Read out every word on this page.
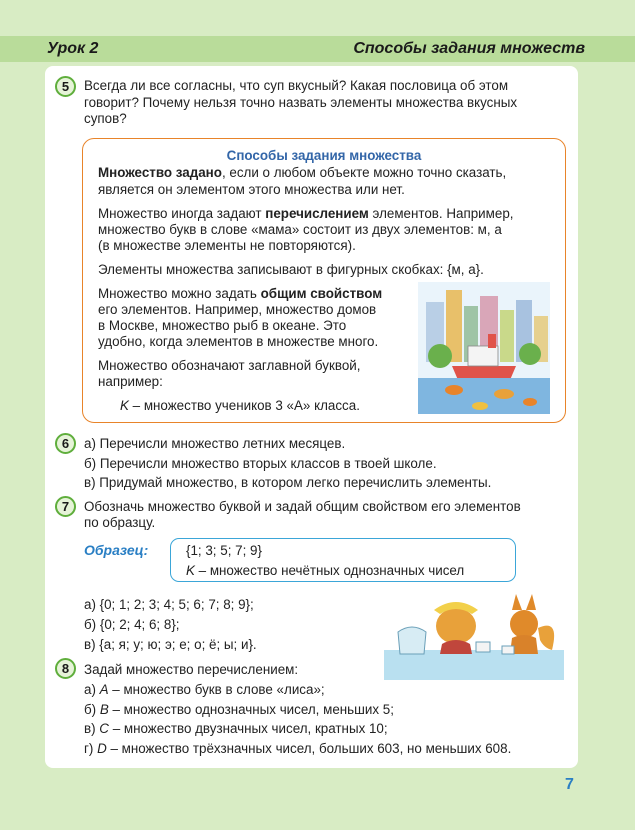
Урок 2	Способы задания множеств
5	Всегда ли все согласны, что суп вкусный? Какая пословица об этом
говорит? Почему нельзя точно назвать элементы множества вкусных
супов?
Способы задания множества
Множество задано, если о любом объекте можно точно сказать,
является он элементом этого множества или нет.
Множество иногда задают перечислением элементов. Например,
множество букв в слове «мама» состоит из двух элементов: м, а
(в множестве элементы не повторяются).
Элементы множества записывают в фигурных скобках: {м, а}.
Множество можно задать общим свойством
его элементов. Например, множество домов
в Москве, множество рыб в океане. Это
удобно, когда элементов в множестве много.
Множество обозначают заглавной буквой,
например:
K – множество учеников 3 «А» класса.
6	а) Перечисли множество летних месяцев.
б) Перечисли множество вторых классов в твоей школе.
в) Придумай множество, в котором легко перечислить элементы.
7	Обозначь множество буквой и задай общим свойством его элементов
по образцу.
Образец:	{1; 3; 5; 7; 9}
K – множество нечётных однозначных чисел
а) {0; 1; 2; 3; 4; 5; 6; 7; 8; 9};
б) {0; 2; 4; 6; 8};
в) {а; я; у; ю; э; е; о; ё; ы; и}.
8	Задай множество перечислением:
а) A – множество букв в слове «лиса»;
б) B – множество однозначных чисел, меньших 5;
в) C – множество двузначных чисел, кратных 10;
г) D – множество трёхзначных чисел, больших 603, но меньших 608.
7
